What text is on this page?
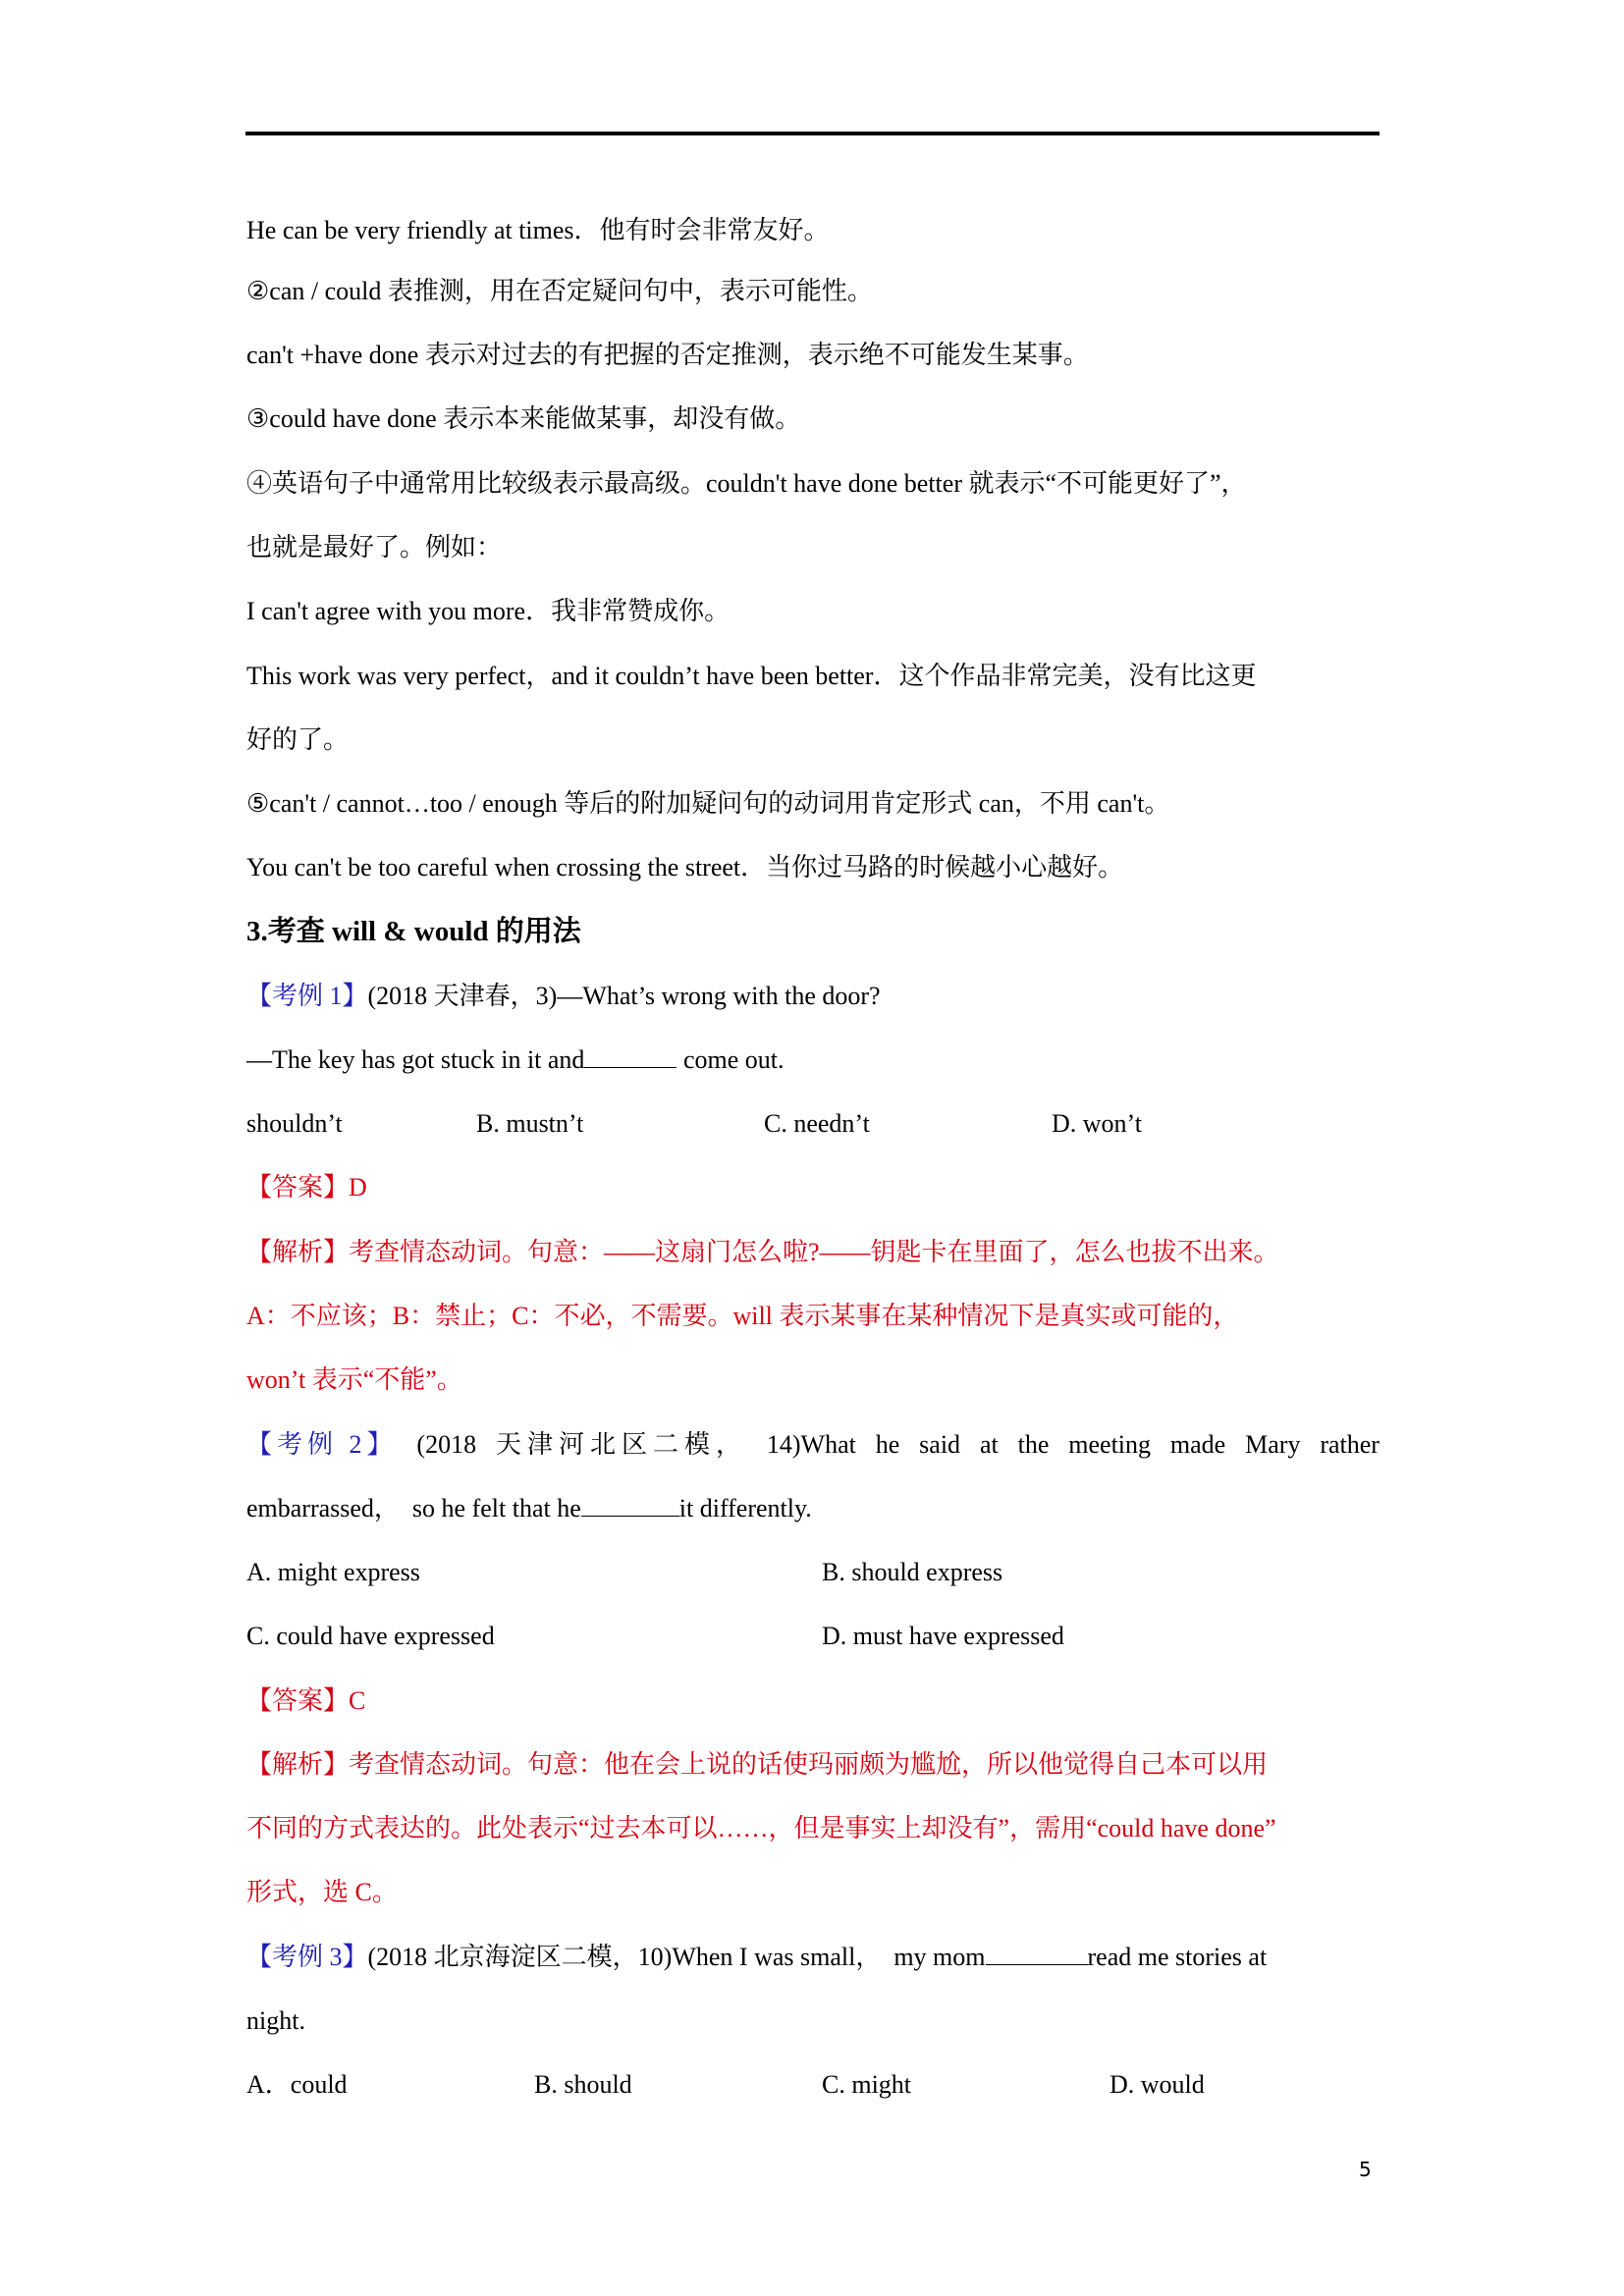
He can be very friendly at times．他有时会非常友好。
②can / could 表推测，用在否定疑问句中，表示可能性。
can't +have done 表示对过去的有把握的否定推测，表示绝不可能发生某事。
③could have done 表示本来能做某事，却没有做。
④英语句子中通常用比较级表示最高级。couldn't have done better 就表示“不可能更好了”，
也就是最好了。例如：
I can't agree with you more．我非常赞成你。
This work was very perfect，and it couldn’t have been better．这个作品非常完美，没有比这更
好的了。
⑤can't / cannot…too / enough 等后的附加疑问句的动词用肯定形式 can，不用 can't。
You can't be too careful when crossing the street．当你过马路的时候越小心越好。
3.考查 will & would 的用法
【考例 1】(2018 天津春，3)—What’s wrong with the door?
—The key has got stuck in it and	come out.
shouldn’t	B. mustn’t	C. needn’t	D. won’t
【答案】D
【解析】考查情态动词。句意：——这扇门怎么啦?——钥匙卡在里面了，怎么也拔不出来。
A：不应该；B：禁止；C：不必，不需要。will 表示某事在某种情况下是真实或可能的，
won’t 表示“不能”。
【考例 2】 (2018 天津河北区二模， 14)What he said at the meeting made Mary rather
embarrassed，  so he felt that he	it differently.
A. might express	B. should express
C. could have expressed	D. must have expressed
【答案】C
【解析】考查情态动词。句意：他在会上说的话使玛丽颇为尴尬，所以他觉得自己本可以用
不同的方式表达的。此处表示“过去本可以……，但是事实上却没有”，需用“could have done”
形式，选 C。
【考例 3】(2018 北京海淀区二模，10)When I was small，  my mom	read me stories at
night.
A．could	B. should	C. might	D. would
5
